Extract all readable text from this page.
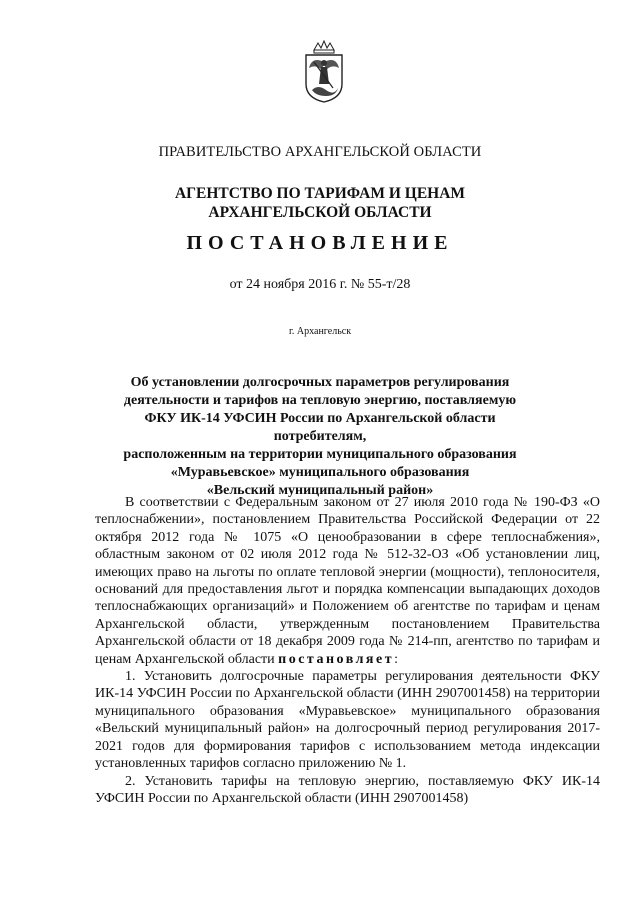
ПРАВИТЕЛЬСТВО АРХАНГЕЛЬСКОЙ ОБЛАСТИ
АГЕНТСТВО ПО ТАРИФАМ И ЦЕНАМ
АРХАНГЕЛЬСКОЙ ОБЛАСТИ
ПОСТАНОВЛЕНИЕ
от 24 ноября 2016 г. № 55-т/28
г. Архангельск
Об установлении долгосрочных параметров регулирования
деятельности и тарифов на тепловую энергию, поставляемую
ФКУ ИК-14 УФСИН России по Архангельской области потребителям,
расположенным на территории муниципального образования
«Муравьевское» муниципального образования
«Вельский муниципальный район»

В соответствии с Федеральным законом от 27 июля 2010 года № 190-ФЗ «О теплоснабжении», постановлением Правительства Российской Федерации от 22 октября 2012 года № 1075 «О ценообразовании в сфере теплоснабжения», областным законом от 02 июля 2012 года № 512-32-ОЗ «Об установлении лиц, имеющих право на льготы по оплате тепловой энергии (мощности), теплоносителя, оснований для предоставления льгот и порядка компенсации выпадающих доходов теплоснабжающих организаций» и Положением об агентстве по тарифам и ценам Архангельской области, утвержденным постановлением Правительства Архангельской области от 18 декабря 2009 года № 214-пп, агентство по тарифам и ценам Архангельской области постановляет:

1. Установить долгосрочные параметры регулирования деятельности ФКУ ИК-14 УФСИН России по Архангельской области (ИНН 2907001458) на территории муниципального образования «Муравьевское» муниципального образования «Вельский муниципальный район» на долгосрочный период регулирования 2017-2021 годов для формирования тарифов с использованием метода индексации установленных тарифов согласно приложению № 1.

2. Установить тарифы на тепловую энергию, поставляемую ФКУ ИК-14 УФСИН России по Архангельской области (ИНН 2907001458)
